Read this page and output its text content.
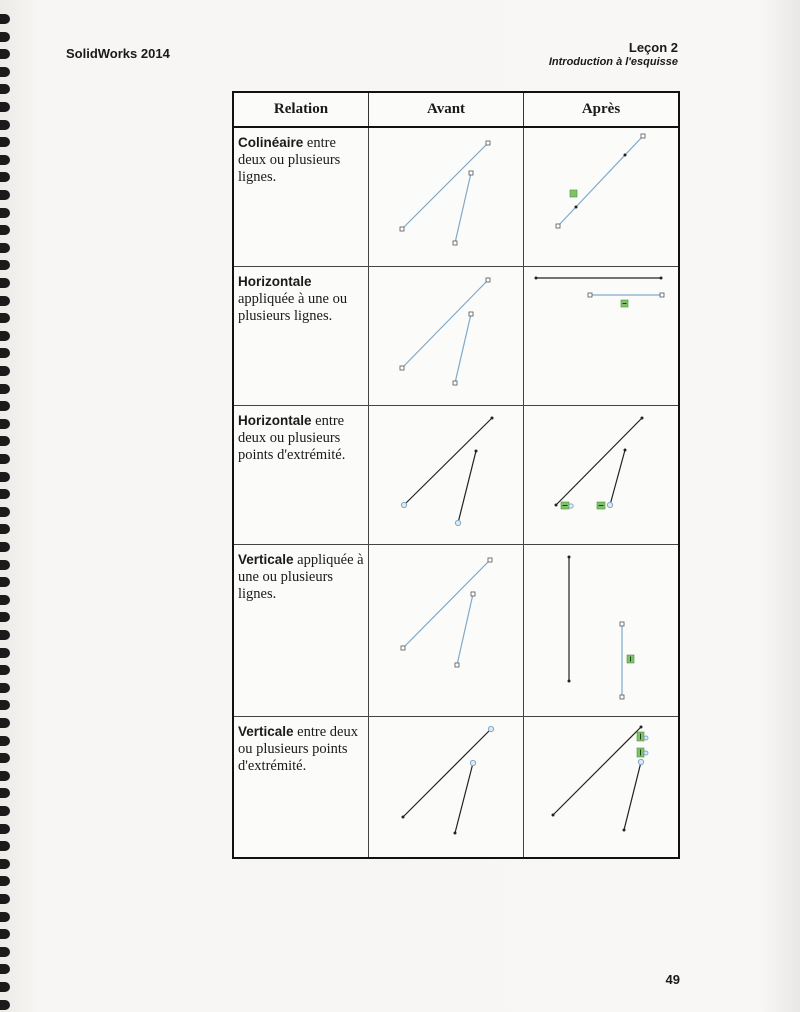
SolidWorks 2014	Leçon 2
Introduction à l'esquisse
Relation	Avant	Après
Colinéaire entre deux ou plusieurs lignes.	

Horizontale appliquée à une ou plusieurs lignes.	

Horizontale entre deux ou plusieurs points d'extrémité.	

Verticale appliquée à une ou plusieurs lignes.	

Verticale entre deux ou plusieurs points d'extrémité.	

49
